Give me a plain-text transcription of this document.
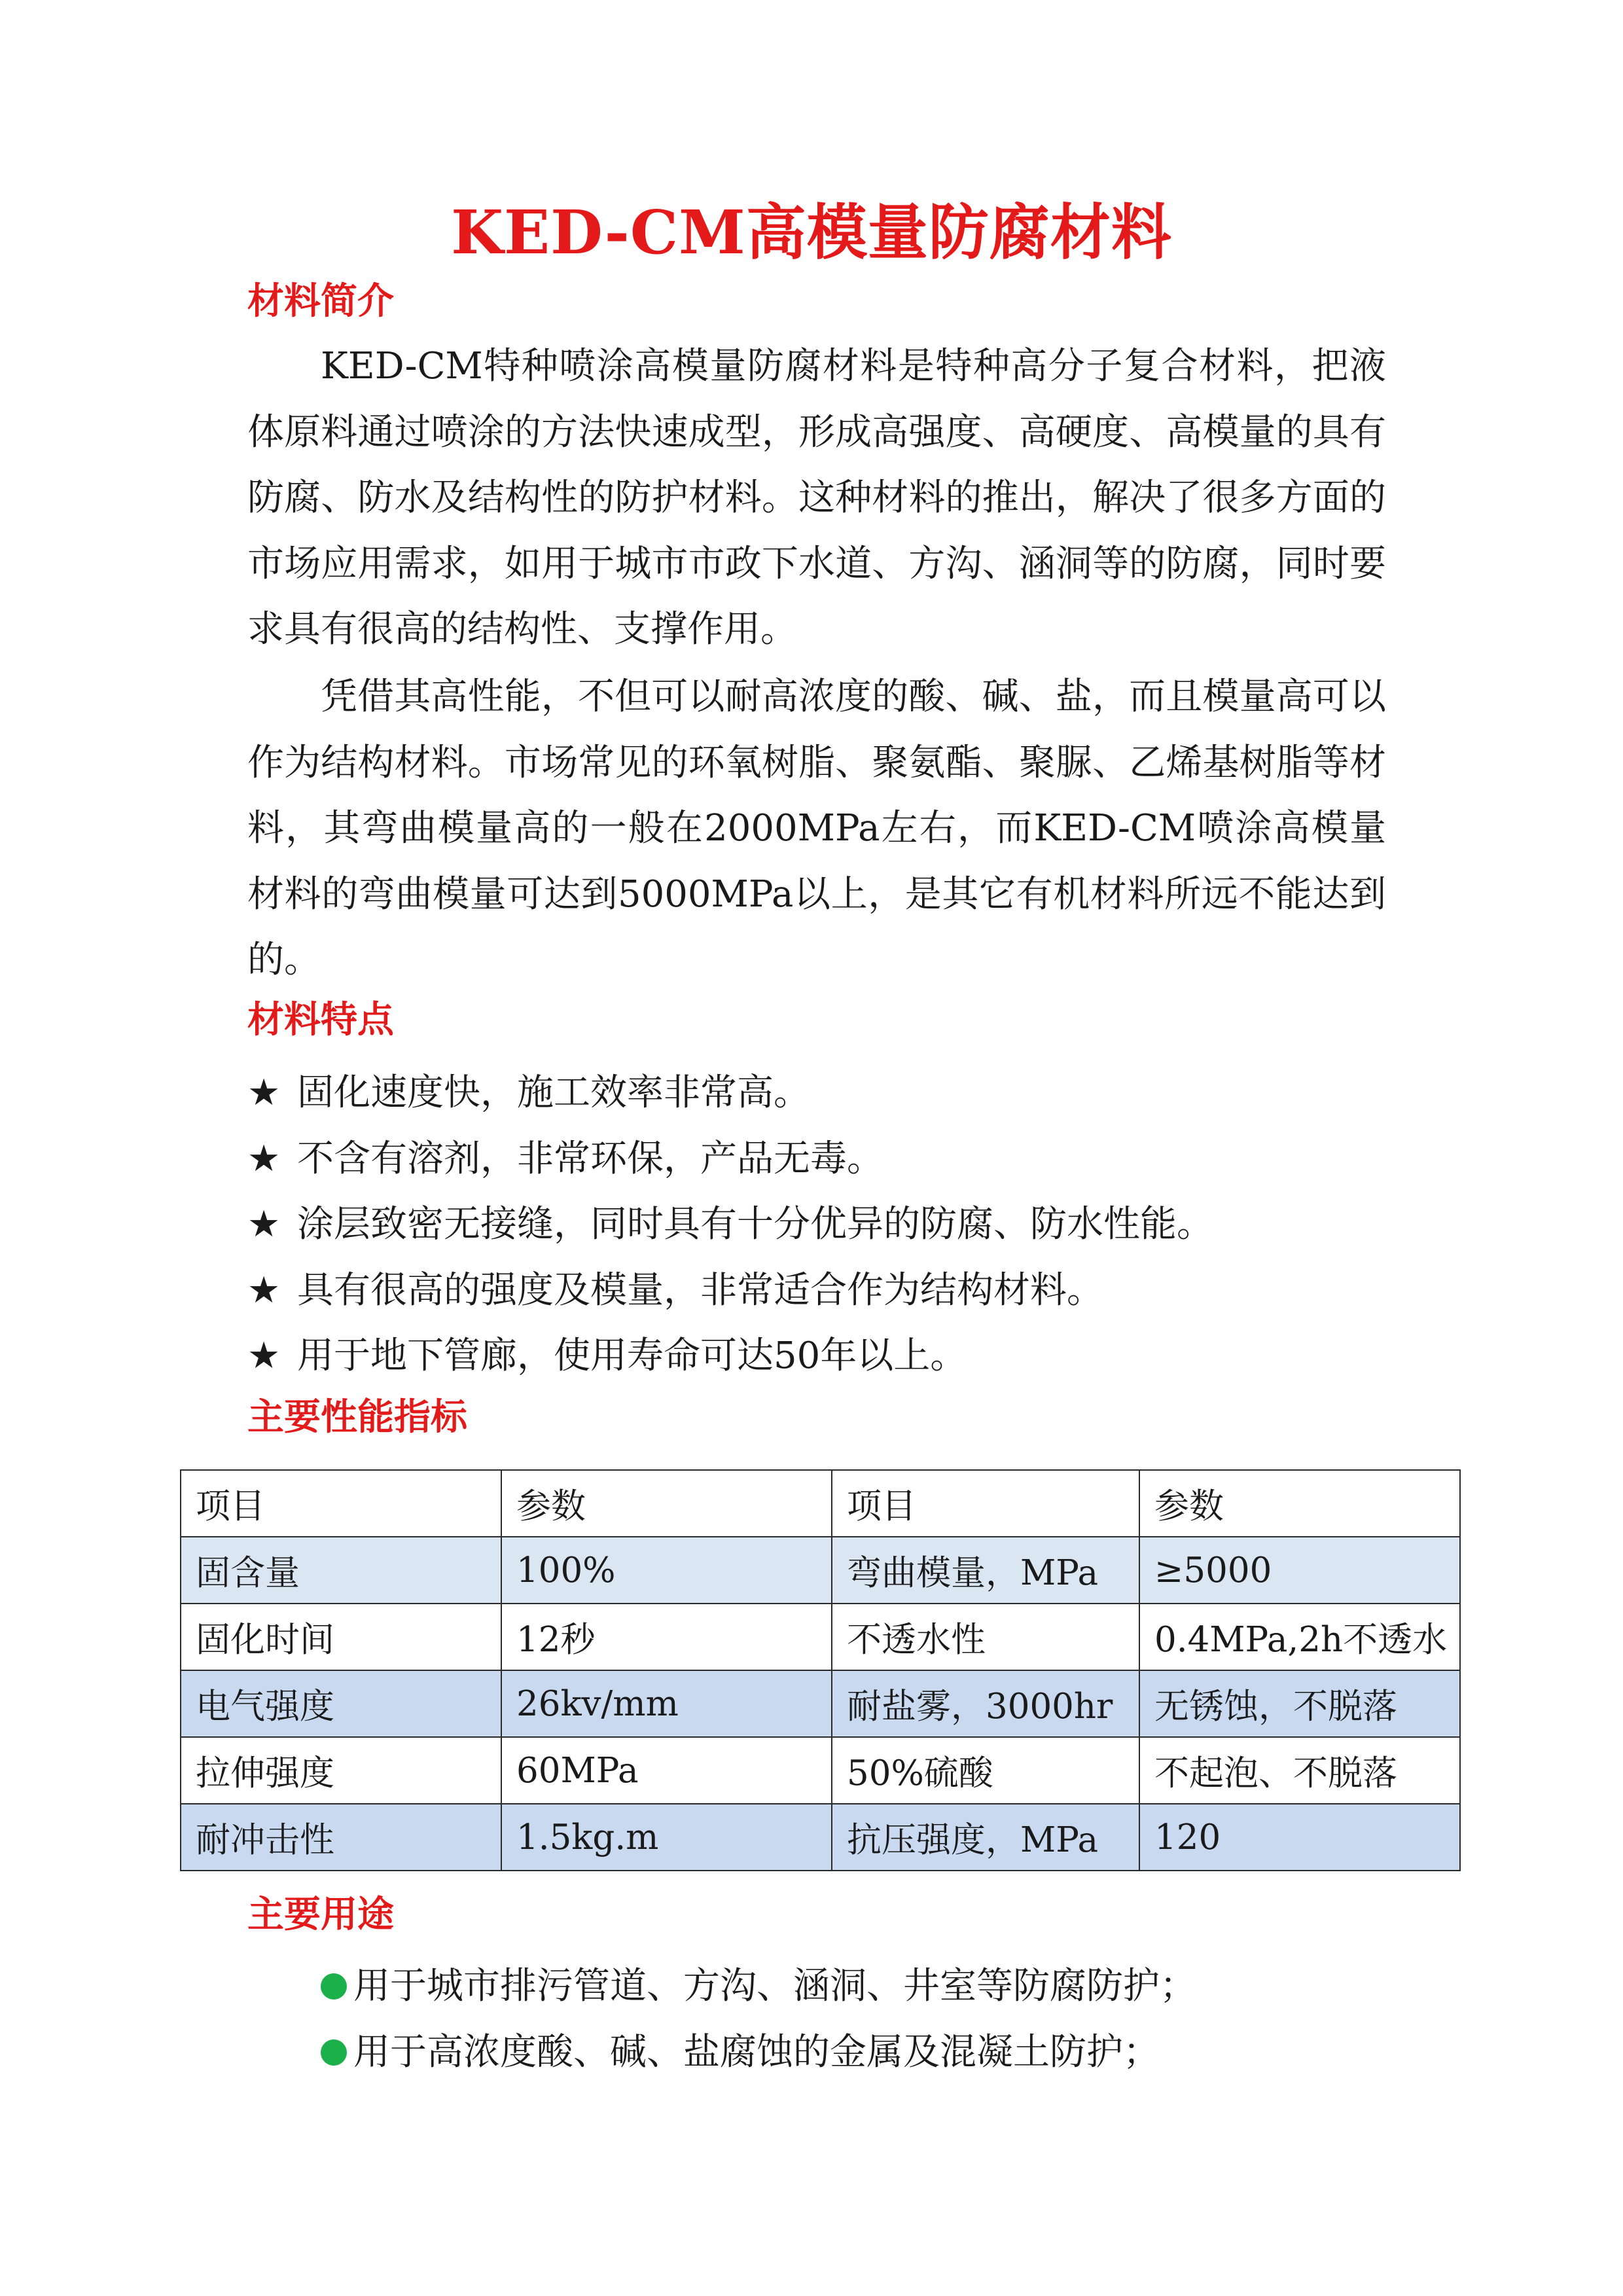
KED-CM高模量防腐材料
材料简介

KED-CM特种喷涂高模量防腐材料是特种高分子复合材料，把液体原料通过喷涂的方法快速成型，形成高强度、高硬度、高模量的具有防腐、防水及结构性的防护材料。这种材料的推出，解决了很多方面的市场应用需求，如用于城市市政下水道、方沟、涵洞等的防腐，同时要求具有很高的结构性、支撑作用。

凭借其高性能，不但可以耐高浓度的酸、碱、盐，而且模量高可以作为结构材料。市场常见的环氧树脂、聚氨酯、聚脲、乙烯基树脂等材料，其弯曲模量高的一般在2000MPa左右，而KED-CM喷涂高模量材料的弯曲模量可达到5000MPa以上，是其它有机材料所远不能达到的。

材料特点
★ 固化速度快，施工效率非常高。
★ 不含有溶剂，非常环保，产品无毒。
★ 涂层致密无接缝，同时具有十分优异的防腐、防水性能。
★ 具有很高的强度及模量，非常适合作为结构材料。
★ 用于地下管廊，使用寿命可达50年以上。
主要性能指标
项目	参数	项目	参数
固含量	100%	弯曲模量，MPa	≥5000
固化时间	12秒	不透水性	0.4MPa,2h不透水
电气强度	26kv/mm	耐盐雾，3000hr	无锈蚀，不脱落
拉伸强度	60MPa	50%硫酸	不起泡、不脱落
耐冲击性	1.5kg.m	抗压强度，MPa	120
主要用途
用于城市排污管道、方沟、涵洞、井室等防腐防护；
用于高浓度酸、碱、盐腐蚀的金属及混凝土防护；
